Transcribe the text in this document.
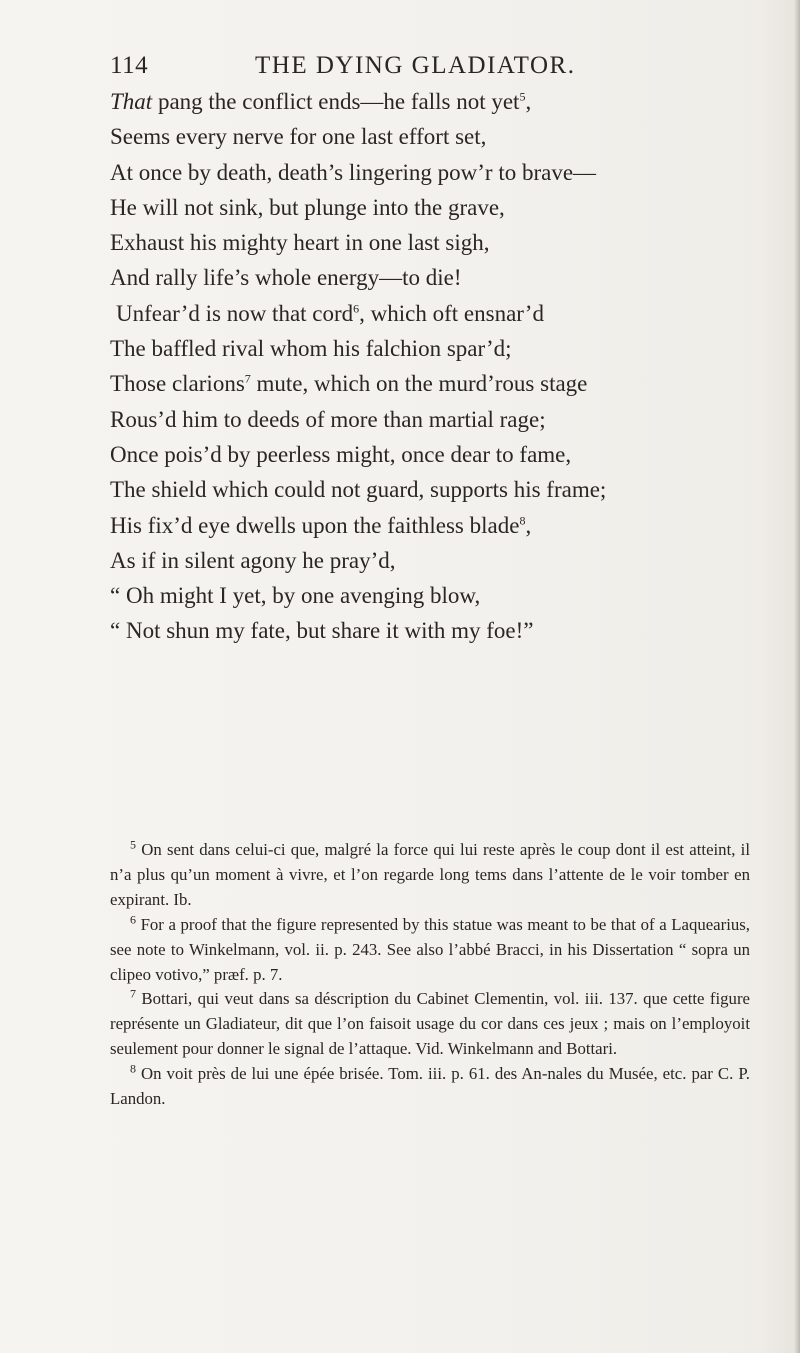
114	THE DYING GLADIATOR.
That pang the conflict ends—he falls not yet$^5$,
Seems every nerve for one last effort set,
At once by death, death’s lingering pow’r to brave—
He will not sink, but plunge into the grave,
Exhaust his mighty heart in one last sigh,
And rally life’s whole energy—to die!
Unfear’d is now that cord$^6$, which oft ensnar’d
The baffled rival whom his falchion spar’d;
Those clarions$^7$ mute, which on the murd’rous stage
Rous’d him to deeds of more than martial rage;
Once pois’d by peerless might, once dear to fame,
The shield which could not guard, supports his frame;
His fix’d eye dwells upon the faithless blade$^8$,
As if in silent agony he pray’d,
“ Oh might I yet, by one avenging blow,
“ Not shun my fate, but share it with my foe!”

$^5$ On sent dans celui-ci que, malgré la force qui lui reste après le coup dont il est atteint, il n’a plus qu’un moment à vivre, et l’on regarde long tems dans l’attente de le voir tomber en expirant. Ib.

$^6$ For a proof that the figure represented by this statue was meant to be that of a Laquearius, see note to Winkelmann, vol. ii. p. 243. See also l’abbé Bracci, in his Dissertation “ sopra un clipeo votivo,” præf. p. 7.

$^7$ Bottari, qui veut dans sa déscription du Cabinet Clementin, vol. iii. 137. que cette figure représente un Gladiateur, dit que l’on faisoit usage du cor dans ces jeux ; mais on l’employoit seulement pour donner le signal de l’attaque. Vid. Winkelmann and Bottari.

$^8$ On voit près de lui une épée brisée. Tom. iii. p. 61. des An-nales du Musée, etc. par C. P. Landon.
